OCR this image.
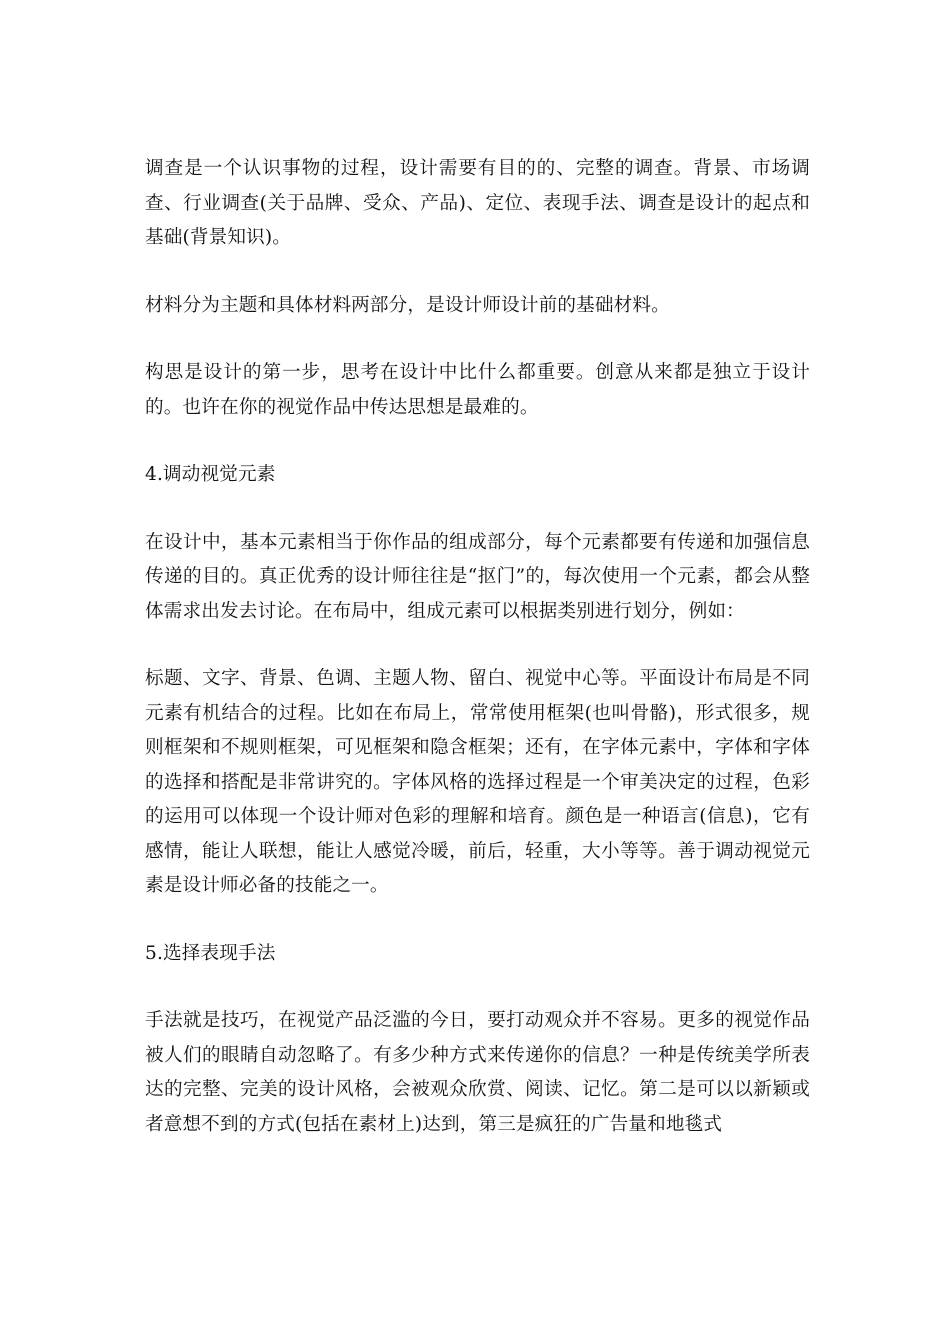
调查是一个认识事物的过程，设计需要有目的的、完整的调查。背景、市场调查、行业调查(关于品牌、受众、产品)、定位、表现手法、调查是设计的起点和基础(背景知识)。

材料分为主题和具体材料两部分，是设计师设计前的基础材料。

构思是设计的第一步，思考在设计中比什么都重要。创意从来都是独立于设计的。也许在你的视觉作品中传达思想是最难的。

4.调动视觉元素

在设计中，基本元素相当于你作品的组成部分，每个元素都要有传递和加强信息传递的目的。真正优秀的设计师往往是“抠门”的，每次使用一个元素，都会从整体需求出发去讨论。在布局中，组成元素可以根据类别进行划分，例如：

标题、文字、背景、色调、主题人物、留白、视觉中心等。平面设计布局是不同元素有机结合的过程。比如在布局上，常常使用框架(也叫骨骼)，形式很多，规则框架和不规则框架，可见框架和隐含框架；还有，在字体元素中，字体和字体的选择和搭配是非常讲究的。字体风格的选择过程是一个审美决定的过程，色彩的运用可以体现一个设计师对色彩的理解和培育。颜色是一种语言(信息)，它有感情，能让人联想，能让人感觉冷暖，前后，轻重，大小等等。善于调动视觉元素是设计师必备的技能之一。

5.选择表现手法

手法就是技巧，在视觉产品泛滥的今日，要打动观众并不容易。更多的视觉作品被人们的眼睛自动忽略了。有多少种方式来传递你的信息？一种是传统美学所表达的完整、完美的设计风格，会被观众欣赏、阅读、记忆。第二是可以以新颖或者意想不到的方式(包括在素材上)达到，第三是疯狂的广告量和地毯式
